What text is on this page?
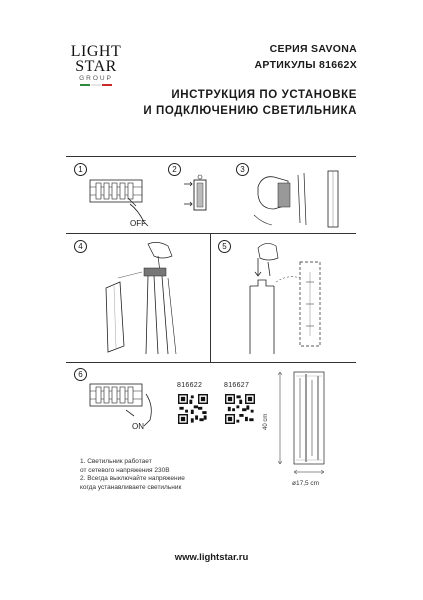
LIGHT
STAR
GROUP
СЕРИЯ SAVONA
АРТИКУЛЫ 81662X
ИНСТРУКЦИЯ ПО УСТАНОВКЕ
И ПОДКЛЮЧЕНИЮ СВЕТИЛЬНИКА
1	2	3
4	5
6
OFF
ON
816622	816627
40 cm
ø17,5 cm
1. Светильник работает
от сетевого напряжения 230В
2. Всегда выключайте напряжение
когда устанавливаете светильник
www.lightstar.ru
